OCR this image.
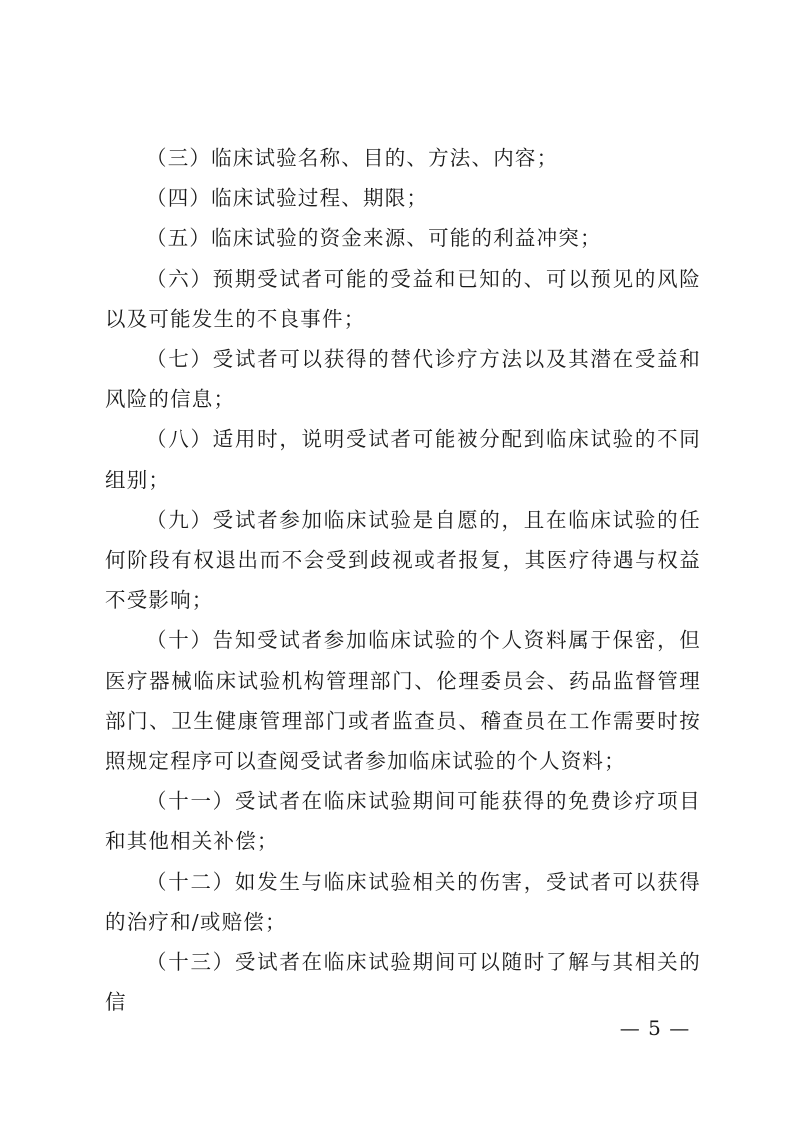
（三）临床试验名称、目的、方法、内容；

（四）临床试验过程、期限；

（五）临床试验的资金来源、可能的利益冲突；

（六）预期受试者可能的受益和已知的、可以预见的风险以及可能发生的不良事件；

（七）受试者可以获得的替代诊疗方法以及其潜在受益和风险的信息；

（八）适用时，说明受试者可能被分配到临床试验的不同组别；

（九）受试者参加临床试验是自愿的，且在临床试验的任何阶段有权退出而不会受到歧视或者报复，其医疗待遇与权益不受影响；

（十）告知受试者参加临床试验的个人资料属于保密，但医疗器械临床试验机构管理部门、伦理委员会、药品监督管理部门、卫生健康管理部门或者监查员、稽查员在工作需要时按照规定程序可以查阅受试者参加临床试验的个人资料；

（十一）受试者在临床试验期间可能获得的免费诊疗项目和其他相关补偿；

（十二）如发生与临床试验相关的伤害，受试者可以获得的治疗和/或赔偿；

（十三）受试者在临床试验期间可以随时了解与其相关的信

— 5 —
